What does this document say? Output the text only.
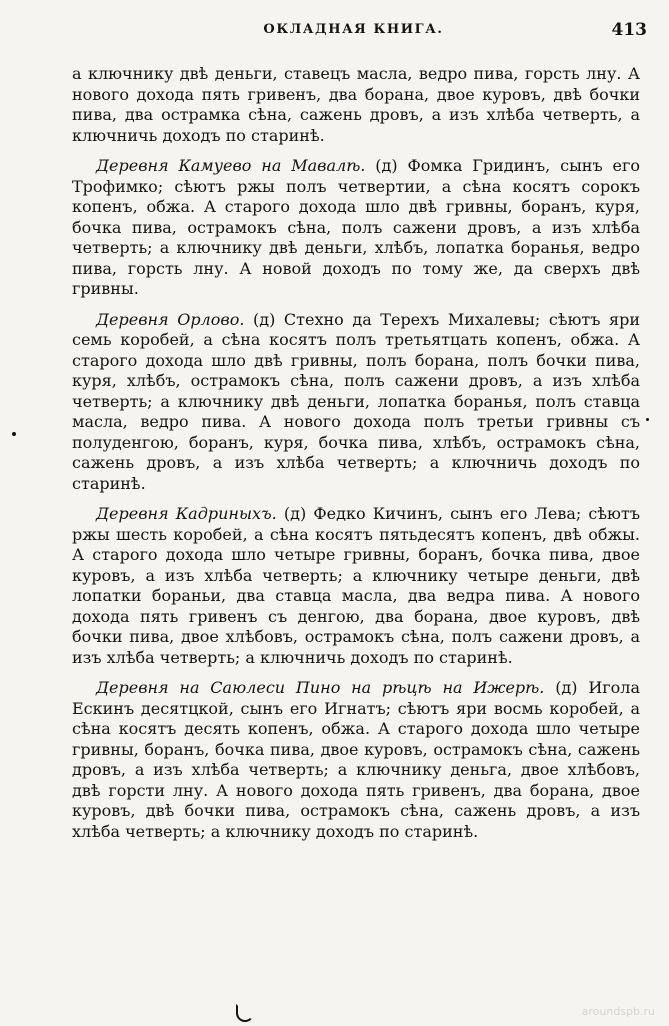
ОКЛАДНАЯ КНИГА.	413

а ключнику двѣ деньги, ставецъ масла, ведро пива, горсть лну. А нового дохода пять гривенъ, два борана, двое куровъ, двѣ бочки пива, два острамка сѣна, сажень дровъ, а изъ хлѣба четверть, а ключничь доходъ по старинѣ.

Деревня Камуево на Мавалѣ. (д) Фомка Гридинъ, сынъ его Трофимко; сѣютъ ржы полъ четвертии, а сѣна косятъ сорокъ копенъ, обжа. А старого дохода шло двѣ гривны, боранъ, куря, бочка пива, остpамокъ сѣна, полъ сажени дровъ, а изъ хлѣба четверть; а ключнику двѣ деньги, хлѣбъ, лопатка боранья, ведро пива, горсть лну. А новой доходъ по тому же, да сверхъ двѣ гривны.

Деревня Орлово. (д) Стехно да Терехъ Михалевы; сѣютъ яри семь коробей, а сѣна косятъ полъ третьятцать копенъ, обжа. А старого дохода шло двѣ гривны, полъ борана, полъ бочки пива, куря, хлѣбъ, остpамокъ сѣна, полъ сажени дровъ, а изъ хлѣба четверть; а ключнику двѣ деньги, лопатка боранья, полъ ставца масла, ведро пива. А нового дохода полъ третьи гривны съ полуденгою, боранъ, куря, бочка пива, хлѣбъ, остpамокъ сѣна, сажень дровъ, а изъ хлѣба четверть; а ключничь доходъ по старинѣ.

Деревня Кадриныхъ. (д) Федко Кичинъ, сынъ его Лева; сѣютъ ржы шесть коробей, а сѣна косятъ пятьдесятъ копенъ, двѣ обжы. А старого дохода шло четыре гривны, боранъ, бочка пива, двое куровъ, а изъ хлѣба четверть; а ключнику четыре деньги, двѣ лопатки бораньи, два ставца масла, два ведра пива. А нового дохода пять гривенъ съ денгою, два борана, двое куровъ, двѣ бочки пива, двое хлѣбовъ, остpамокъ сѣна, полъ сажени дровъ, а изъ хлѣба четверть; а ключничь доходъ по старинѣ.

Деревня на Саюлеси Пино на рѣцѣ на Ижерѣ. (д) Игола Ескинъ десятцкой, сынъ его Игнатъ; сѣютъ яри восмь коробей, а сѣна косятъ десять копенъ, обжа. А старого дохода шло четыре гривны, боранъ, бочка пива, двое куровъ, остpамокъ сѣна, сажень дровъ, а изъ хлѣба четверть; а ключнику деньга, двое хлѣбовъ, двѣ горсти лну. А нового дохода пять гривенъ, два борана, двое куровъ, двѣ бочки пива, остpамокъ сѣна, сажень дровъ, а изъ хлѣба четверть; а ключнику доходъ по старинѣ.

aroundspb.ru
